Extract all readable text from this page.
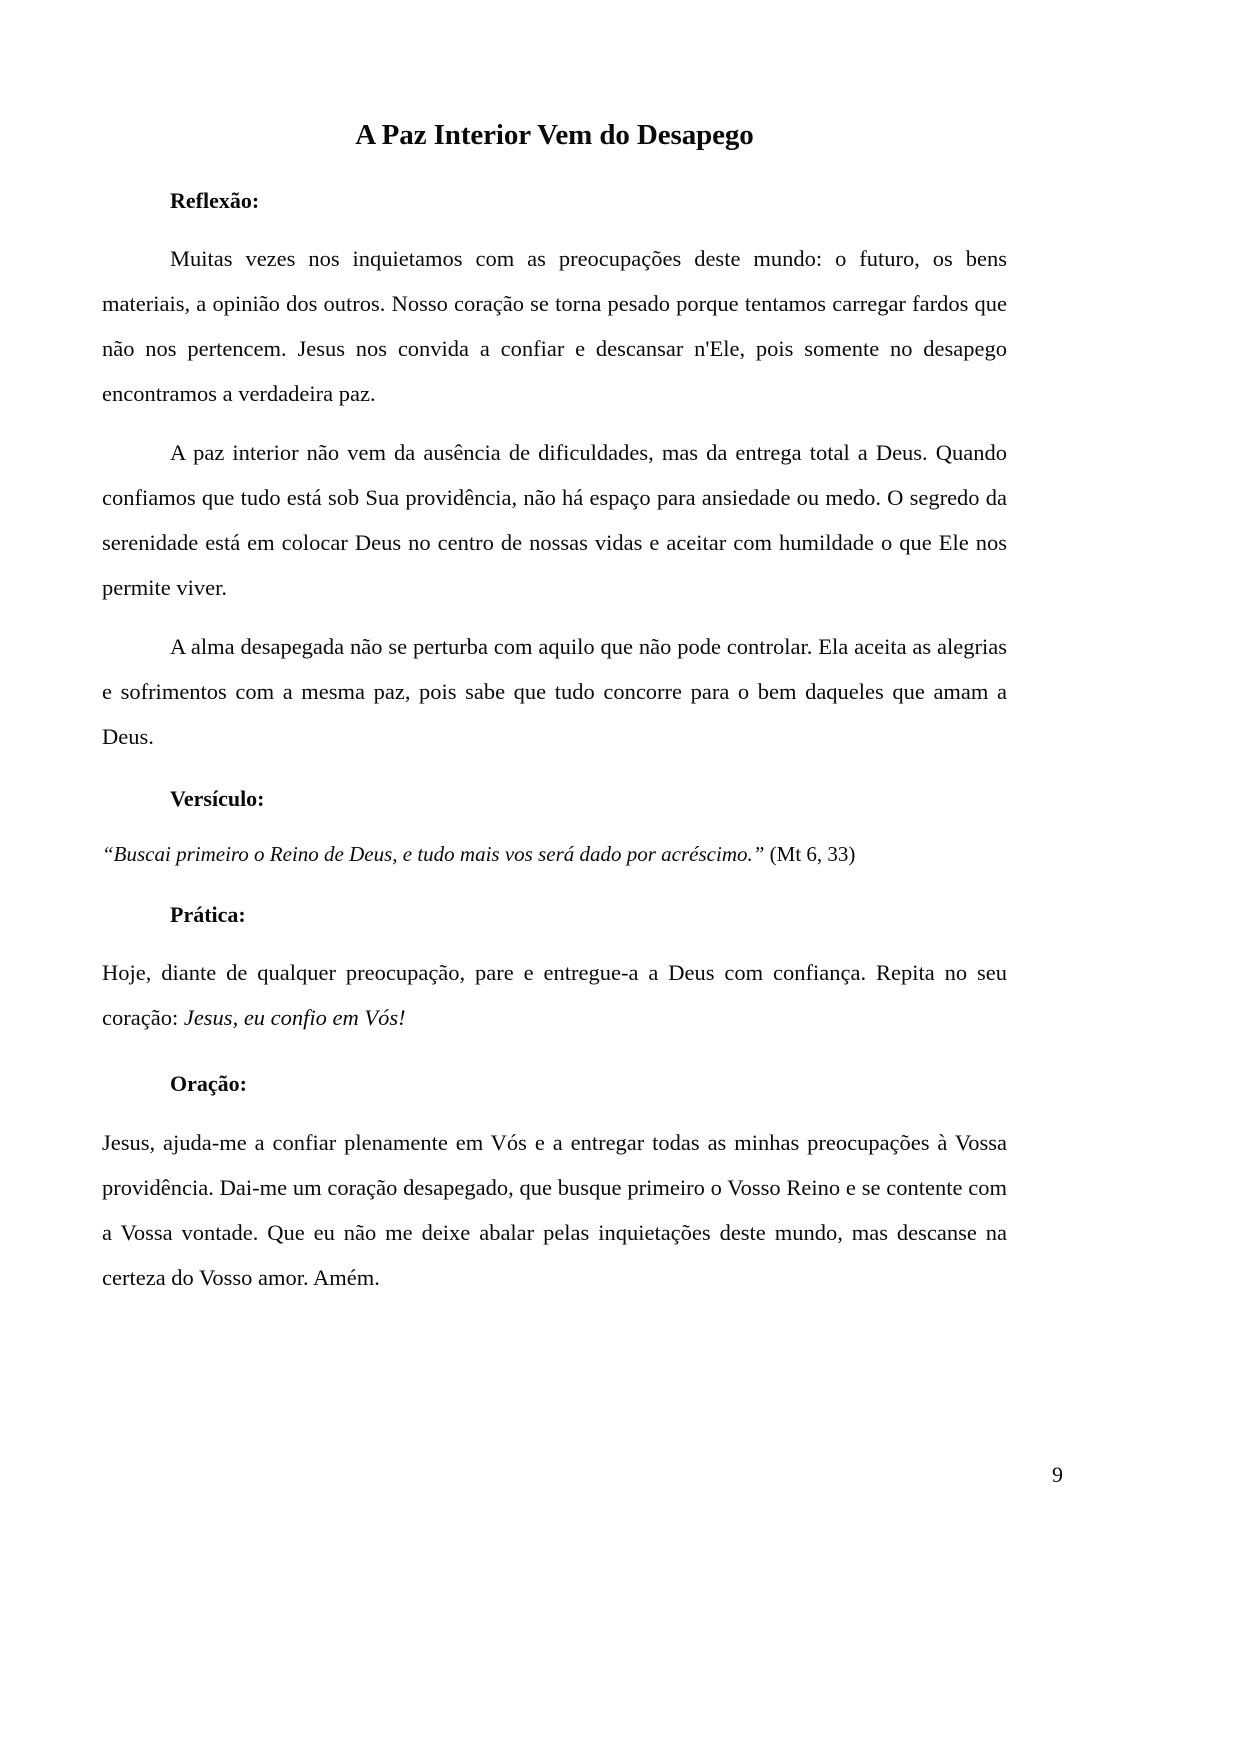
A Paz Interior Vem do Desapego
Reflexão:

Muitas vezes nos inquietamos com as preocupações deste mundo: o futuro, os bens materiais, a opinião dos outros. Nosso coração se torna pesado porque tentamos carregar fardos que não nos pertencem. Jesus nos convida a confiar e descansar n'Ele, pois somente no desapego encontramos a verdadeira paz.

A paz interior não vem da ausência de dificuldades, mas da entrega total a Deus. Quando confiamos que tudo está sob Sua providência, não há espaço para ansiedade ou medo. O segredo da serenidade está em colocar Deus no centro de nossas vidas e aceitar com humildade o que Ele nos permite viver.

A alma desapegada não se perturba com aquilo que não pode controlar. Ela aceita as alegrias e sofrimentos com a mesma paz, pois sabe que tudo concorre para o bem daqueles que amam a Deus.

Versículo:

“Buscai primeiro o Reino de Deus, e tudo mais vos será dado por acréscimo.” (Mt 6, 33)

Prática:

Hoje, diante de qualquer preocupação, pare e entregue-a a Deus com confiança. Repita no seu coração: Jesus, eu confio em Vós!

Oração:

Jesus, ajuda-me a confiar plenamente em Vós e a entregar todas as minhas preocupações à Vossa providência. Dai-me um coração desapegado, que busque primeiro o Vosso Reino e se contente com a Vossa vontade. Que eu não me deixe abalar pelas inquietações deste mundo, mas descanse na certeza do Vosso amor. Amém.

9
